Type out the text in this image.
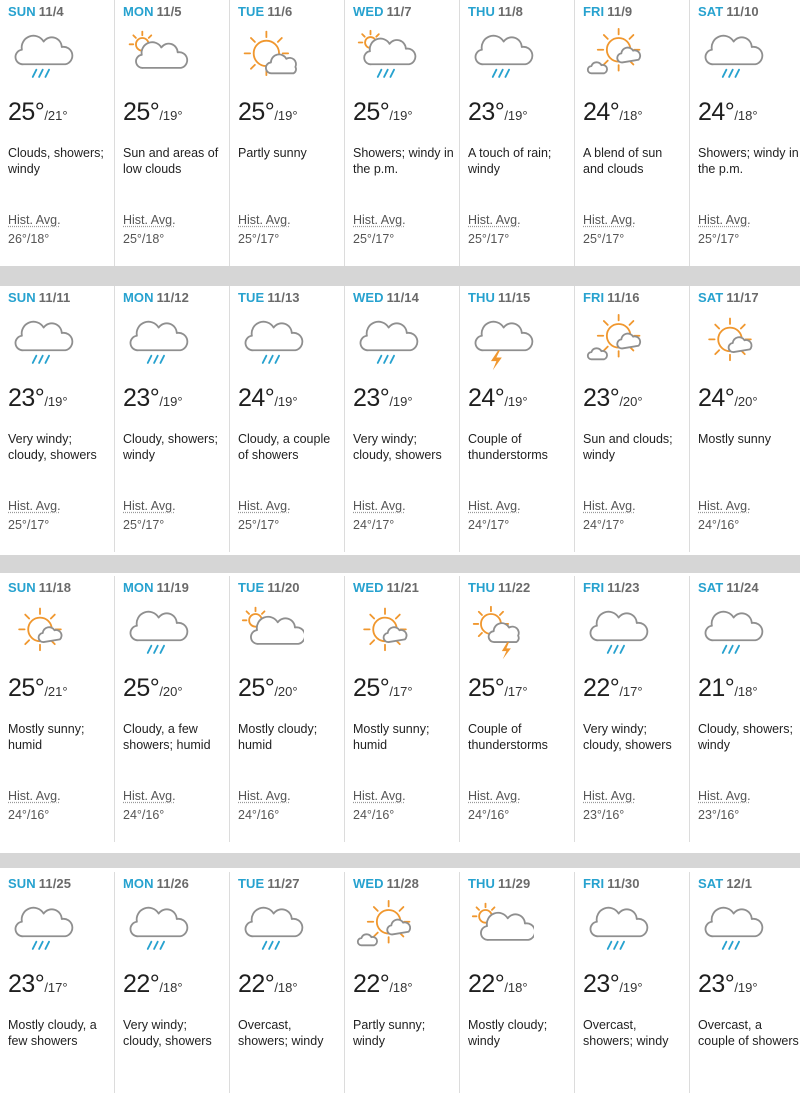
SUN 11/4
25°/21°
Clouds, showers; windy
Hist. Avg.
26°/18°
MON 11/5
25°/19°
Sun and areas of low clouds
Hist. Avg.
25°/18°
TUE 11/6
25°/19°
Partly sunny
Hist. Avg.
25°/17°
WED 11/7
25°/19°
Showers; windy in the p.m.
Hist. Avg.
25°/17°
THU 11/8
23°/19°
A touch of rain; windy
Hist. Avg.
25°/17°
FRI 11/9
24°/18°
A blend of sun and clouds
Hist. Avg.
25°/17°
SAT 11/10
24°/18°
Showers; windy in the p.m.
Hist. Avg.
25°/17°
SUN 11/11
23°/19°
Very windy; cloudy, showers
Hist. Avg.
25°/17°
MON 11/12
23°/19°
Cloudy, showers; windy
Hist. Avg.
25°/17°
TUE 11/13
24°/19°
Cloudy, a couple of showers
Hist. Avg.
25°/17°
WED 11/14
23°/19°
Very windy; cloudy, showers
Hist. Avg.
24°/17°
THU 11/15
24°/19°
Couple of thunderstorms
Hist. Avg.
24°/17°
FRI 11/16
23°/20°
Sun and clouds; windy
Hist. Avg.
24°/17°
SAT 11/17
24°/20°
Mostly sunny
Hist. Avg.
24°/16°
SUN 11/18
25°/21°
Mostly sunny; humid
Hist. Avg.
24°/16°
MON 11/19
25°/20°
Cloudy, a few showers; humid
Hist. Avg.
24°/16°
TUE 11/20
25°/20°
Mostly cloudy; humid
Hist. Avg.
24°/16°
WED 11/21
25°/17°
Mostly sunny; humid
Hist. Avg.
24°/16°
THU 11/22
25°/17°
Couple of thunderstorms
Hist. Avg.
24°/16°
FRI 11/23
22°/17°
Very windy; cloudy, showers
Hist. Avg.
23°/16°
SAT 11/24
21°/18°
Cloudy, showers; windy
Hist. Avg.
23°/16°
SUN 11/25
23°/17°
Mostly cloudy, a few showers
MON 11/26
22°/18°
Very windy; cloudy, showers
TUE 11/27
22°/18°
Overcast, showers; windy
WED 11/28
22°/18°
Partly sunny; windy
THU 11/29
22°/18°
Mostly cloudy; windy
FRI 11/30
23°/19°
Overcast, showers; windy
SAT 12/1
23°/19°
Overcast, a couple of showers
